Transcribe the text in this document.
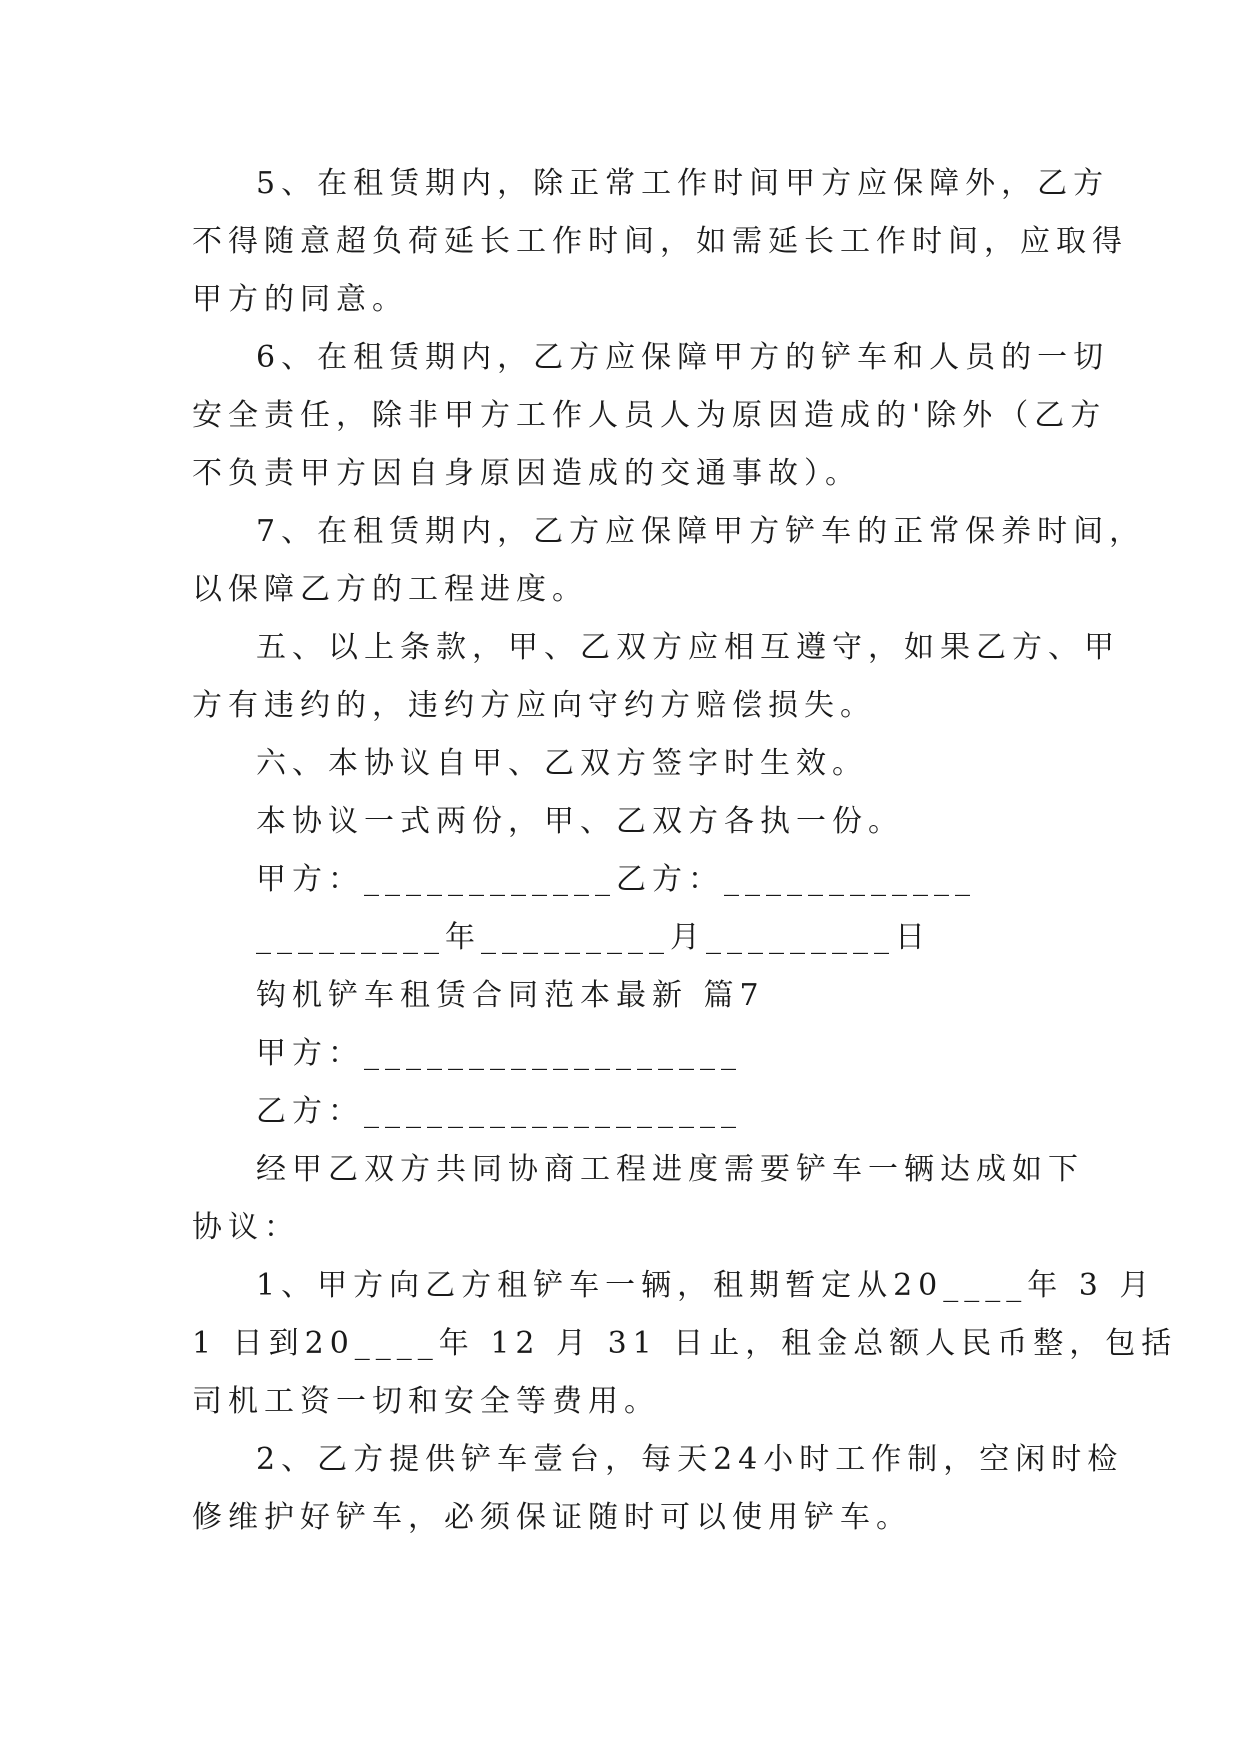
5、在租赁期内，除正常工作时间甲方应保障外，乙方
不得随意超负荷延长工作时间，如需延长工作时间，应取得
甲方的同意。
6、在租赁期内，乙方应保障甲方的铲车和人员的一切
安全责任，除非甲方工作人员人为原因造成的'除外（乙方
不负责甲方因自身原因造成的交通事故）。
7、在租赁期内，乙方应保障甲方铲车的正常保养时间，
以保障乙方的工程进度。
五、以上条款，甲、乙双方应相互遵守，如果乙方、甲
方有违约的，违约方应向守约方赔偿损失。
六、本协议自甲、乙双方签字时生效。
本协议一式两份，甲、乙双方各执一份。
甲方：____________乙方：____________
_________年_________月_________日
钩机铲车租赁合同范本最新 篇7
甲方：__________________
乙方：__________________
经甲乙双方共同协商工程进度需要铲车一辆达成如下
协议：
1、甲方向乙方租铲车一辆，租期暂定从20____年 3 月
1 日到20____年 12 月 31 日止，租金总额人民币整，包括
司机工资一切和安全等费用。
2、乙方提供铲车壹台，每天24小时工作制，空闲时检
修维护好铲车，必须保证随时可以使用铲车。
